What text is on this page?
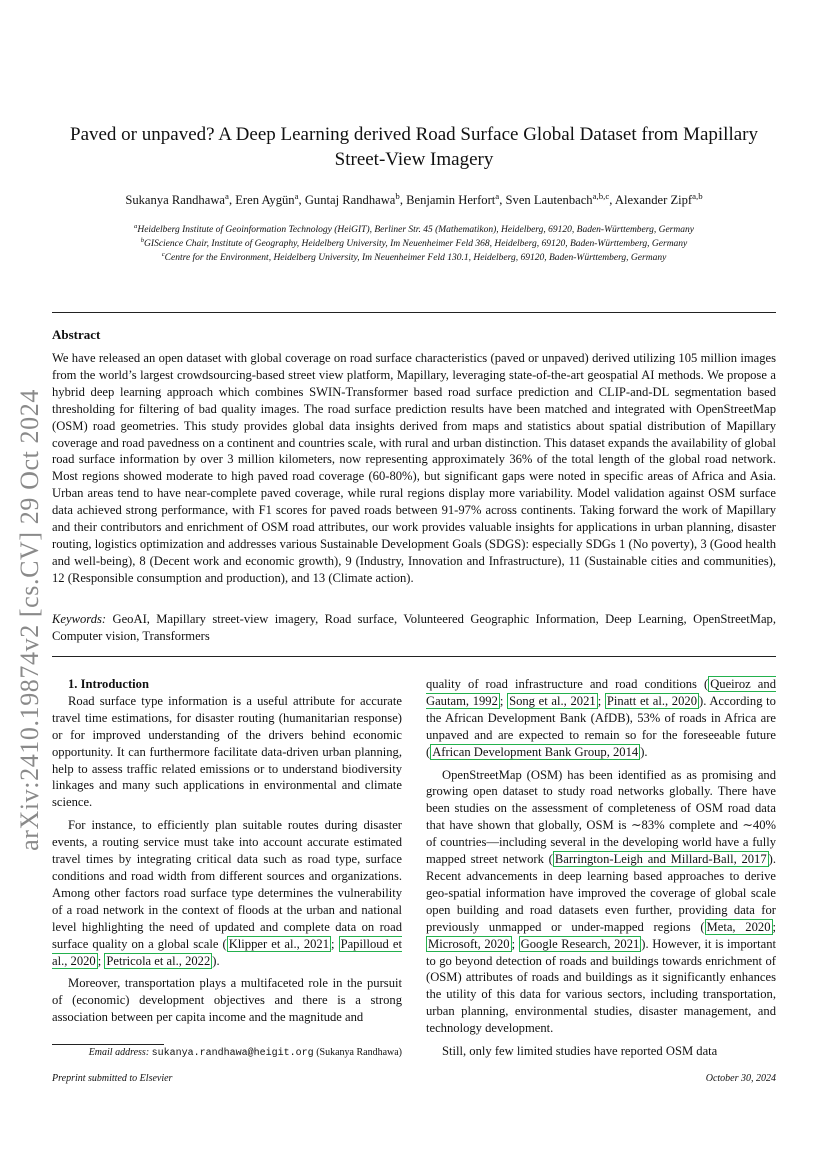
arXiv:2410.19874v2 [cs.CV] 29 Oct 2024
Paved or unpaved? A Deep Learning derived Road Surface Global Dataset from Mapillary
Street-View Imagery
Sukanya Randhawa$^a$, Eren Aygün$^a$, Guntaj Randhawa$^b$, Benjamin Herfort$^a$, Sven Lautenbach$^{a,b,c}$, Alexander Zipf$^{a,b}$
$^a$Heidelberg Institute of Geoinformation Technology (HeiGIT), Berliner Str. 45 (Mathematikon), Heidelberg, 69120, Baden-Württemberg, Germany
$^b$GIScience Chair, Institute of Geography, Heidelberg University, Im Neuenheimer Feld 368, Heidelberg, 69120, Baden-Württemberg, Germany
$^c$Centre for the Environment, Heidelberg University, Im Neuenheimer Feld 130.1, Heidelberg, 69120, Baden-Württemberg, Germany
Abstract
We have released an open dataset with global coverage on road surface characteristics (paved or unpaved) derived utilizing 105 million images from the world’s largest crowdsourcing-based street view platform, Mapillary, leveraging state-of-the-art geospatial AI methods. We propose a hybrid deep learning approach which combines SWIN-Transformer based road surface prediction and CLIP-and-DL segmentation based thresholding for filtering of bad quality images. The road surface prediction results have been matched and integrated with OpenStreetMap (OSM) road geometries. This study provides global data insights derived from maps and statistics about spatial distribution of Mapillary coverage and road pavedness on a continent and countries scale, with rural and urban distinction. This dataset expands the availability of global road surface information by over 3 million kilometers, now representing approximately 36% of the total length of the global road network. Most regions showed moderate to high paved road coverage (60-80%), but significant gaps were noted in specific areas of Africa and Asia. Urban areas tend to have near-complete paved coverage, while rural regions display more variability. Model validation against OSM surface data achieved strong performance, with F1 scores for paved roads between 91-97% across continents. Taking forward the work of Mapillary and their contributors and enrichment of OSM road attributes, our work provides valuable insights for applications in urban planning, disaster routing, logistics optimization and addresses various Sustainable Development Goals (SDGS): especially SDGs 1 (No poverty), 3 (Good health and well-being), 8 (Decent work and economic growth), 9 (Industry, Innovation and Infrastructure), 11 (Sustainable cities and communities), 12 (Responsible consumption and production), and 13 (Climate action).
Keywords: GeoAI, Mapillary street-view imagery, Road surface, Volunteered Geographic Information, Deep Learning, OpenStreetMap, Computer vision, Transformers

1. Introduction

Road surface type information is a useful attribute for accurate travel time estimations, for disaster routing (humanitarian response) or for improved understanding of the drivers behind economic opportunity. It can furthermore facilitate data-driven urban planning, help to assess traffic related emissions or to understand biodiversity linkages and many such applications in environmental and climate science.

For instance, to efficiently plan suitable routes during disaster events, a routing service must take into account accurate estimated travel times by integrating critical data such as road type, surface conditions and road width from different sources and organizations. Among other factors road surface type determines the vulnerability of a road network in the context of floods at the urban and national level highlighting the need of updated and complete data on road surface quality on a global scale ( Klipper et al., 2021 ; Papilloud et al., 2020 ; Petricola et al., 2022 ).

Moreover, transportation plays a multifaceted role in the pursuit of (economic) development objectives and there is a strong association between per capita income and the magnitude and

quality of road infrastructure and road conditions ( Queiroz and Gautam, 1992 ; Song et al., 2021 ; Pinatt et al., 2020 ). According to the African Development Bank (AfDB), 53% of roads in Africa are unpaved and are expected to remain so for the foreseeable future ( African Development Bank Group, 2014 ).

OpenStreetMap (OSM) has been identified as as promising and growing open dataset to study road networks globally. There have been studies on the assessment of completeness of OSM road data that have shown that globally, OSM is ∼83% complete and ∼40% of countries—including several in the developing world have a fully mapped street network ( Barrington-Leigh and Millard-Ball, 2017 ). Recent advancements in deep learning based approaches to derive geo-spatial information have improved the coverage of global scale open building and road datasets even further, providing data for previously unmapped or under-mapped regions ( Meta, 2020 ; Microsoft, 2020 ; Google Research, 2021 ). However, it is important to go beyond detection of roads and buildings towards enrichment of (OSM) attributes of roads and buildings as it significantly enhances the utility of this data for various sectors, including transportation, urban planning, environmental studies, disaster management, and technology development.

Still, only few limited studies have reported OSM data

Email address: sukanya.randhawa@heigit.org (Sukanya Randhawa)
Preprint submitted to Elsevier	October 30, 2024
